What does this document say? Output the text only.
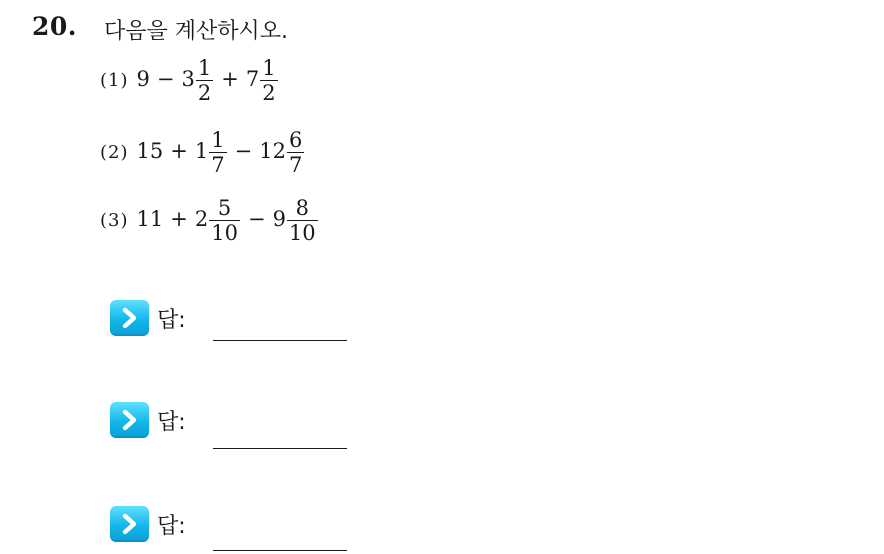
20. 다음을 계산하시오.
(1) $9 - 3 \frac{1}{2} + 7 \frac{1}{2}$
(2) $15 + 1 \frac{1}{7} - 12 \frac{6}{7}$
(3) $11 + 2 \frac{5}{10} - 9 \frac{8}{10}$
답:
답:
답:
